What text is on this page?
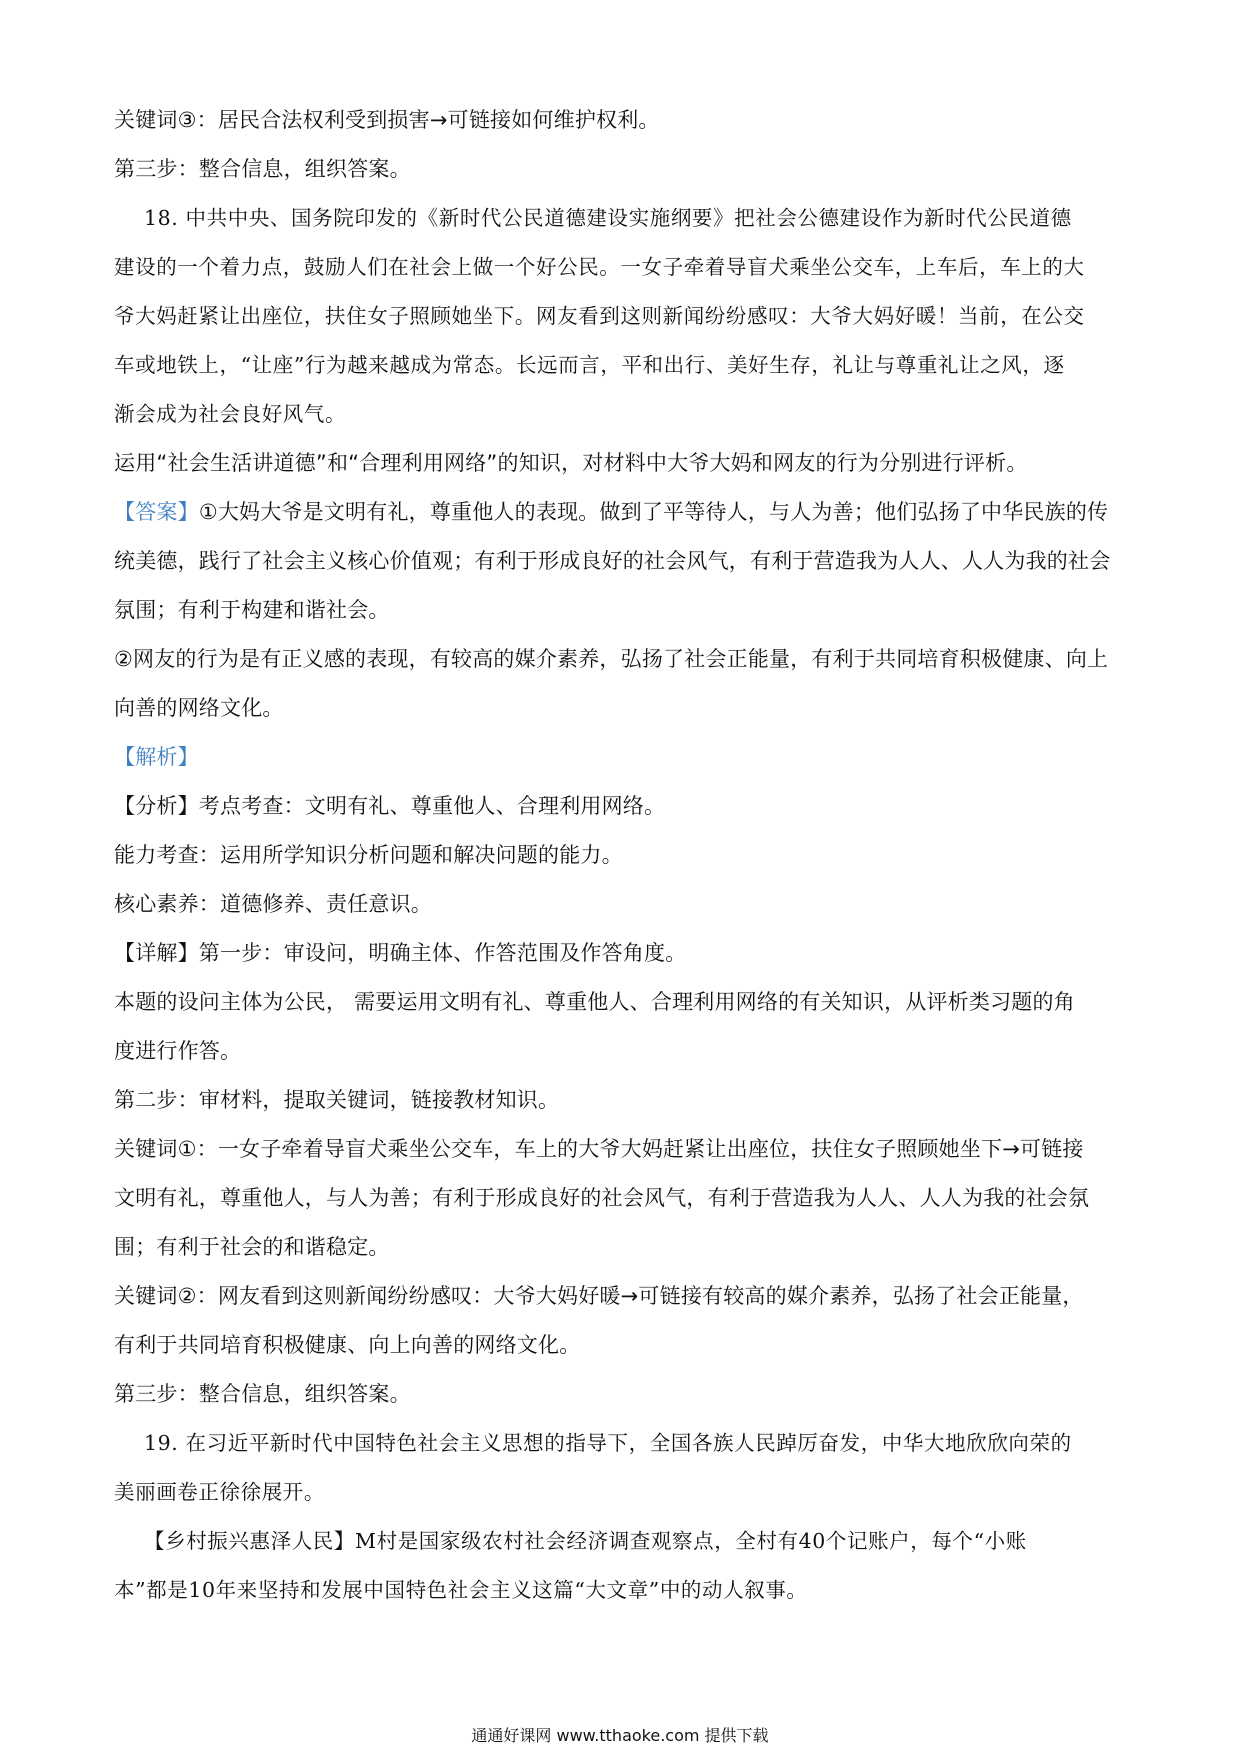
关键词③：居民合法权利受到损害→可链接如何维护权利。
第三步：整合信息，组织答案。
18. 中共中央、国务院印发的《新时代公民道德建设实施纲要》把社会公德建设作为新时代公民道德
建设的一个着力点，鼓励人们在社会上做一个好公民。一女子牵着导盲犬乘坐公交车，上车后，车上的大
爷大妈赶紧让出座位，扶住女子照顾她坐下。网友看到这则新闻纷纷感叹：大爷大妈好暖！当前，在公交
车或地铁上，“让座”行为越来越成为常态。长远而言，平和出行、美好生存，礼让与尊重礼让之风，逐
渐会成为社会良好风气。
运用“社会生活讲道德”和“合理利用网络”的知识，对材料中大爷大妈和网友的行为分别进行评析。
【答案】①大妈大爷是文明有礼，尊重他人的表现。做到了平等待人，与人为善；他们弘扬了中华民族的传
统美德，践行了社会主义核心价值观；有利于形成良好的社会风气，有利于营造我为人人、人人为我的社会
氛围；有利于构建和谐社会。
②网友的行为是有正义感的表现，有较高的媒介素养，弘扬了社会正能量，有利于共同培育积极健康、向上
向善的网络文化。
【解析】
【分析】考点考查：文明有礼、尊重他人、合理利用网络。
能力考查：运用所学知识分析问题和解决问题的能力。
核心素养：道德修养、责任意识。
【详解】第一步：审设问，明确主体、作答范围及作答角度。
本题的设问主体为公民， 需要运用文明有礼、尊重他人、合理利用网络的有关知识，从评析类习题的角
度进行作答。
第二步：审材料，提取关键词，链接教材知识。
关键词①：一女子牵着导盲犬乘坐公交车，车上的大爷大妈赶紧让出座位，扶住女子照顾她坐下→可链接
文明有礼，尊重他人，与人为善；有利于形成良好的社会风气，有利于营造我为人人、人人为我的社会氛
围；有利于社会的和谐稳定。
关键词②：网友看到这则新闻纷纷感叹：大爷大妈好暖→可链接有较高的媒介素养，弘扬了社会正能量，
有利于共同培育积极健康、向上向善的网络文化。
第三步：整合信息，组织答案。
19. 在习近平新时代中国特色社会主义思想的指导下，全国各族人民踔厉奋发，中华大地欣欣向荣的
美丽画卷正徐徐展开。
【乡村振兴惠泽人民】M村是国家级农村社会经济调查观察点，全村有40个记账户，每个“小账
本”都是10年来坚持和发展中国特色社会主义这篇“大文章”中的动人叙事。
通通好课网 www.tthaoke.com 提供下载
